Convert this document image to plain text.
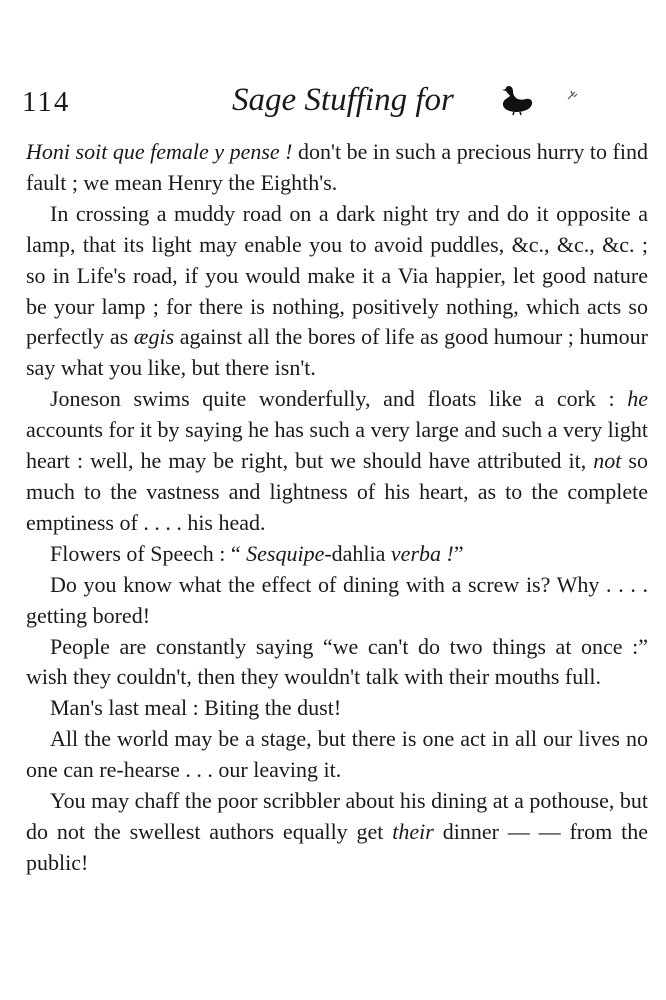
114	Sage Stuffing for

Honi soit que female y pense ! don't be in such a precious hurry to find fault ; we mean Henry the Eighth's.

In crossing a muddy road on a dark night try and do it opposite a lamp, that its light may enable you to avoid puddles, &c., &c., &c. ; so in Life's road, if you would make it a Via happier, let good nature be your lamp ; for there is nothing, positively nothing, which acts so perfectly as ægis against all the bores of life as good humour ; humour say what you like, but there isn't.

Joneson swims quite wonderfully, and floats like a cork : he accounts for it by saying he has such a very large and such a very light heart : well, he may be right, but we should have attributed it, not so much to the vastness and lightness of his heart, as to the complete emptiness of . . . . his head.

Flowers of Speech : “ Sesquipe-dahlia verba !”

Do you know what the effect of dining with a screw is? Why . . . . getting bored!

People are constantly saying “we can't do two things at once :” wish they couldn't, then they wouldn't talk with their mouths full.

Man's last meal : Biting the dust!

All the world may be a stage, but there is one act in all our lives no one can re-hearse . . . our leaving it.

You may chaff the poor scribbler about his dining at a pothouse, but do not the swellest authors equally get their dinner — — from the public!
